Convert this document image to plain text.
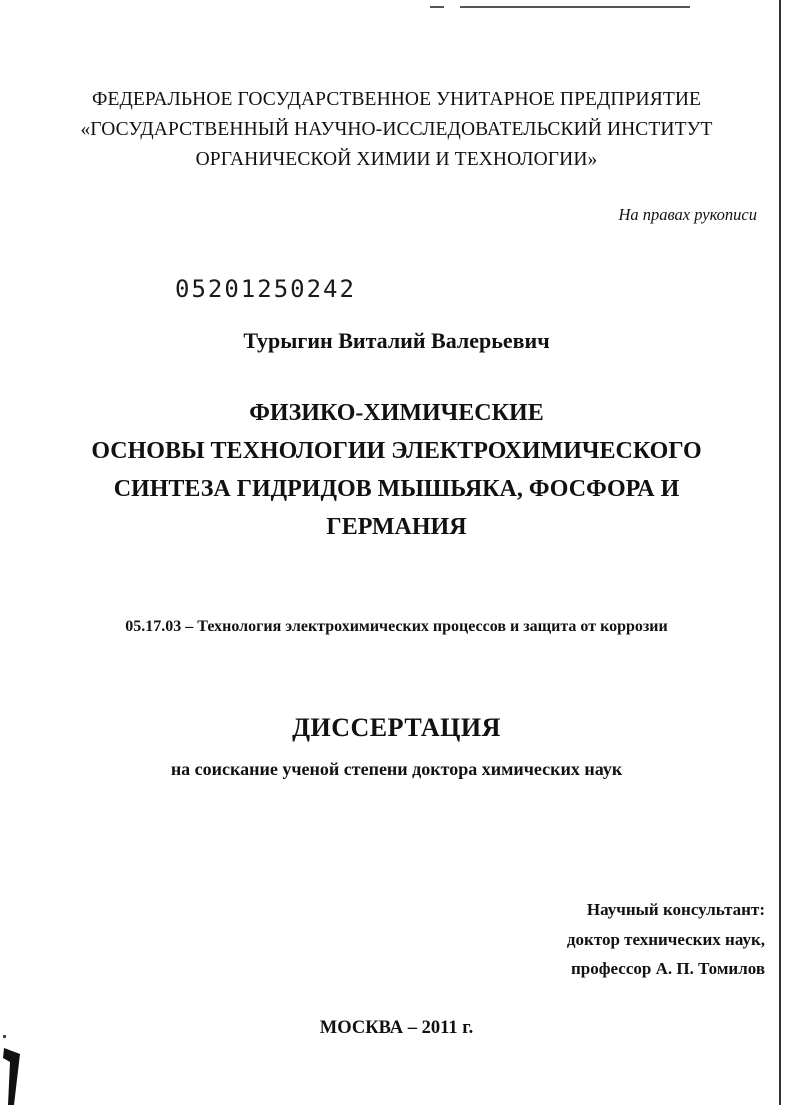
ФЕДЕРАЛЬНОЕ ГОСУДАРСТВЕННОЕ УНИТАРНОЕ ПРЕДПРИЯТИЕ
«ГОСУДАРСТВЕННЫЙ НАУЧНО-ИССЛЕДОВАТЕЛЬСКИЙ ИНСТИТУТ
ОРГАНИЧЕСКОЙ ХИМИИ И ТЕХНОЛОГИИ»
На правах рукописи
05201250242
Турыгин Виталий Валерьевич
ФИЗИКО-ХИМИЧЕСКИЕ
ОСНОВЫ ТЕХНОЛОГИИ ЭЛЕКТРОХИМИЧЕСКОГО
СИНТЕЗА ГИДРИДОВ МЫШЬЯКА, ФОСФОРА И
ГЕРМАНИЯ
05.17.03 – Технология электрохимических процессов и защита от коррозии
ДИССЕРТАЦИЯ
на соискание ученой степени доктора химических наук
Научный консультант:
доктор технических наук,
профессор А. П. Томилов
МОСКВА – 2011 г.
